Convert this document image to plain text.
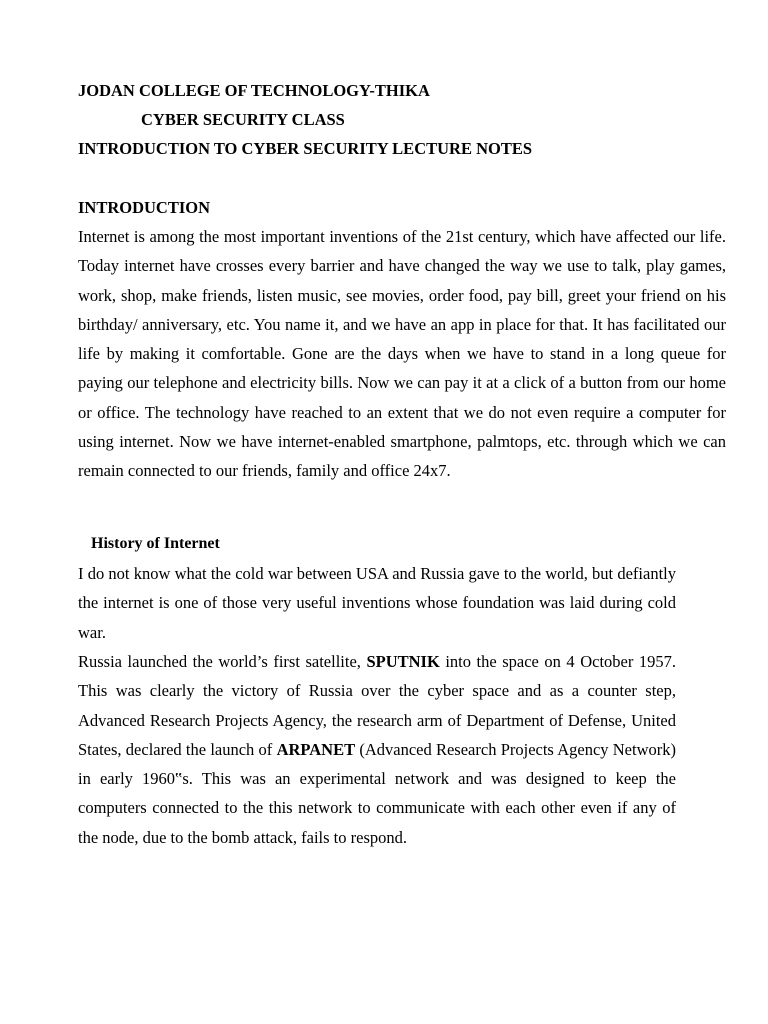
JODAN COLLEGE OF TECHNOLOGY-THIKA
CYBER SECURITY CLASS
INTRODUCTION TO CYBER SECURITY LECTURE NOTES
INTRODUCTION

Internet is among the most important inventions of the 21st century, which have affected our life. Today internet have crosses every barrier and have changed the way we use to talk, play games, work, shop, make friends, listen music, see movies, order food, pay bill, greet your friend on his birthday/ anniversary, etc. You name it, and we have an app in place for that. It has facilitated our life by making it comfortable. Gone are the days when we have to stand in a long queue for paying our telephone and electricity bills. Now we can pay it at a click of a button from our home or office. The technology have reached to an extent that we do not even require a computer for using internet. Now we have internet-enabled smartphone, palmtops, etc. through which we can remain connected to our friends, family and office 24x7.

History of Internet

I do not know what the cold war between USA and Russia gave to the world, but defiantly the internet is one of those very useful inventions whose foundation was laid during cold war.

Russia launched the world’s first satellite, SPUTNIK into the space on 4 October 1957. This was clearly the victory of Russia over the cyber space and as a counter step, Advanced Research Projects Agency, the research arm of Department of Defense, United States, declared the launch of ARPANET (Advanced Research Projects Agency Network) in early 1960‟s. This was an experimental network and was designed to keep the computers connected to the this network to communicate with each other even if any of the node, due to the bomb attack, fails to respond.
